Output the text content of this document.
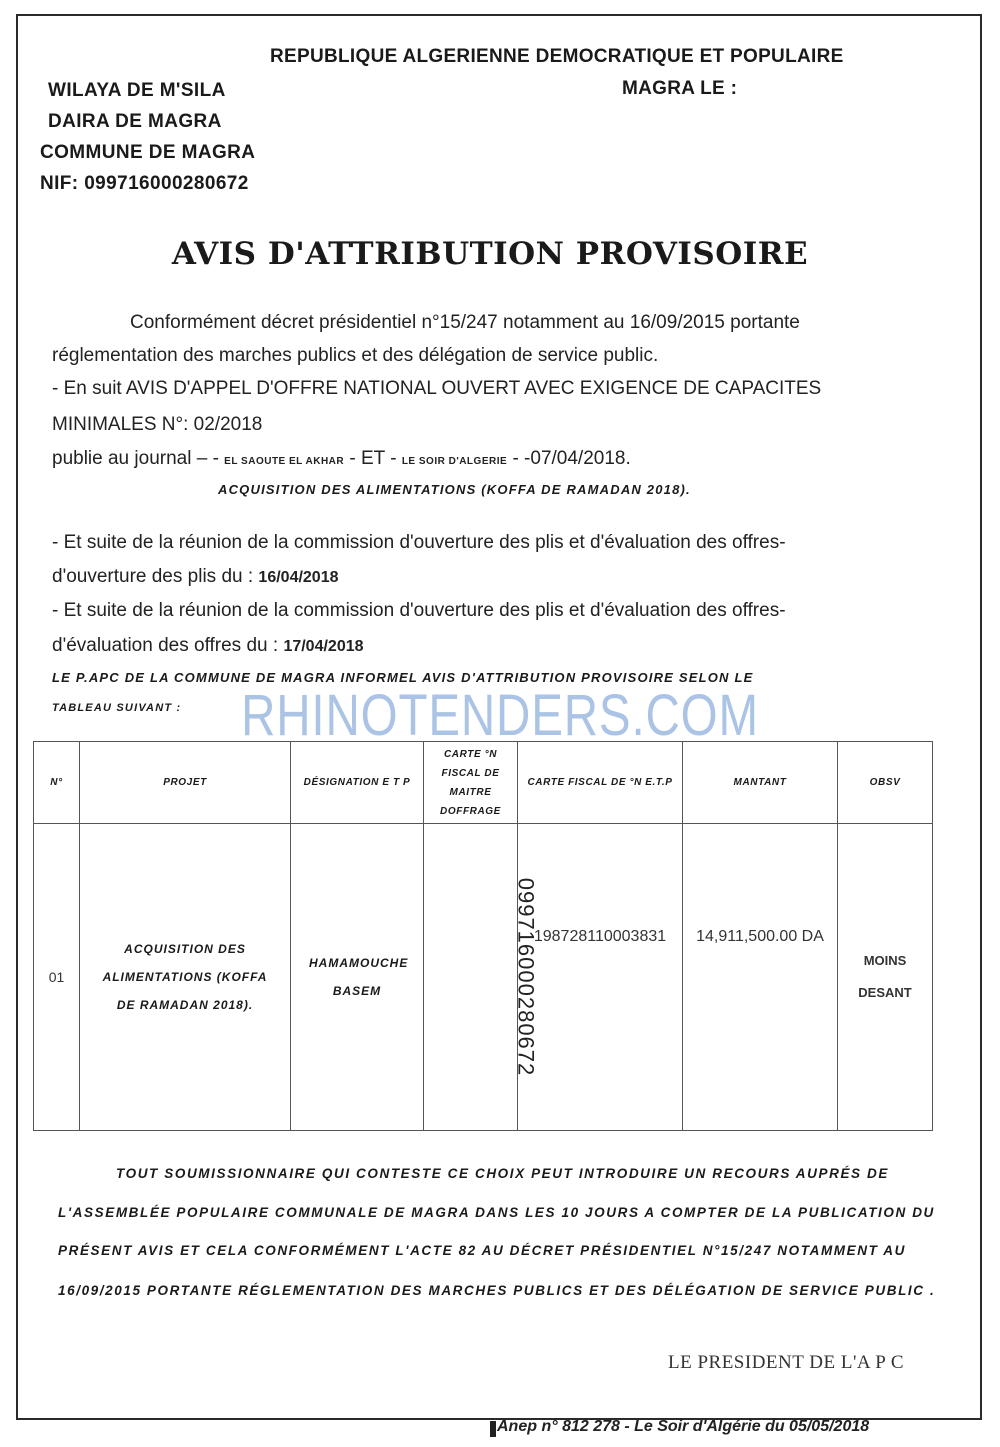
REPUBLIQUE ALGERIENNE DEMOCRATIQUE ET POPULAIRE
MAGRA LE :
WILAYA DE M'SILA
DAIRA DE MAGRA
COMMUNE DE MAGRA
NIF: 099716000280672
AVIS D'ATTRIBUTION PROVISOIRE
Conformément décret présidentiel n°15/247 notamment au 16/09/2015 portante
réglementation des marches publics et des délégation de service public.
- En suit AVIS D'APPEL D'OFFRE NATIONAL OUVERT AVEC EXIGENCE DE CAPACITES
MINIMALES N°: 02/2018
publie au journal – - EL SAOUTE EL AKHAR - ET - LE SOIR D'ALGERIE - -07/04/2018.
ACQUISITION DES ALIMENTATIONS (KOFFA DE RAMADAN 2018).
- Et suite de la réunion de la commission d'ouverture des plis et d'évaluation des offres-
d'ouverture des plis du : 16/04/2018
- Et suite de la réunion de la commission d'ouverture des plis et d'évaluation des offres-
d'évaluation des offres du : 17/04/2018
LE P.APC DE LA COMMUNE DE MAGRA INFORMEL AVIS D'ATTRIBUTION PROVISOIRE SELON LE
TABLEAU SUIVANT :	RHINOTENDERS.COM
N°	PROJET	DÉSIGNATION E T P	CARTE °N FISCAL DE MAITRE DOFFRAGE	CARTE FISCAL DE °N E.T.P	MANTANT	OBSV
01	ACQUISITION DES ALIMENTATIONS (KOFFA DE RAMADAN 2018).	HAMAMOUCHE BASEM	099716000280672	198728110003831	14,911,500.00 DA	MOINS DESANT
TOUT SOUMISSIONNAIRE QUI CONTESTE CE CHOIX PEUT INTRODUIRE UN RECOURS AUPRÉS DE
L'ASSEMBLÉE POPULAIRE COMMUNALE DE MAGRA DANS LES 10 JOURS A COMPTER DE LA PUBLICATION DU
PRÉSENT AVIS ET CELA CONFORMÉMENT L'ACTE 82 AU DÉCRET PRÉSIDENTIEL N°15/247 NOTAMMENT AU
16/09/2015 PORTANTE RÉGLEMENTATION DES MARCHES PUBLICS ET DES DÉLÉGATION DE SERVICE PUBLIC .
LE PRESIDENT DE L'A P C
Anep n° 812 278 - Le Soir d'Algérie du 05/05/2018
